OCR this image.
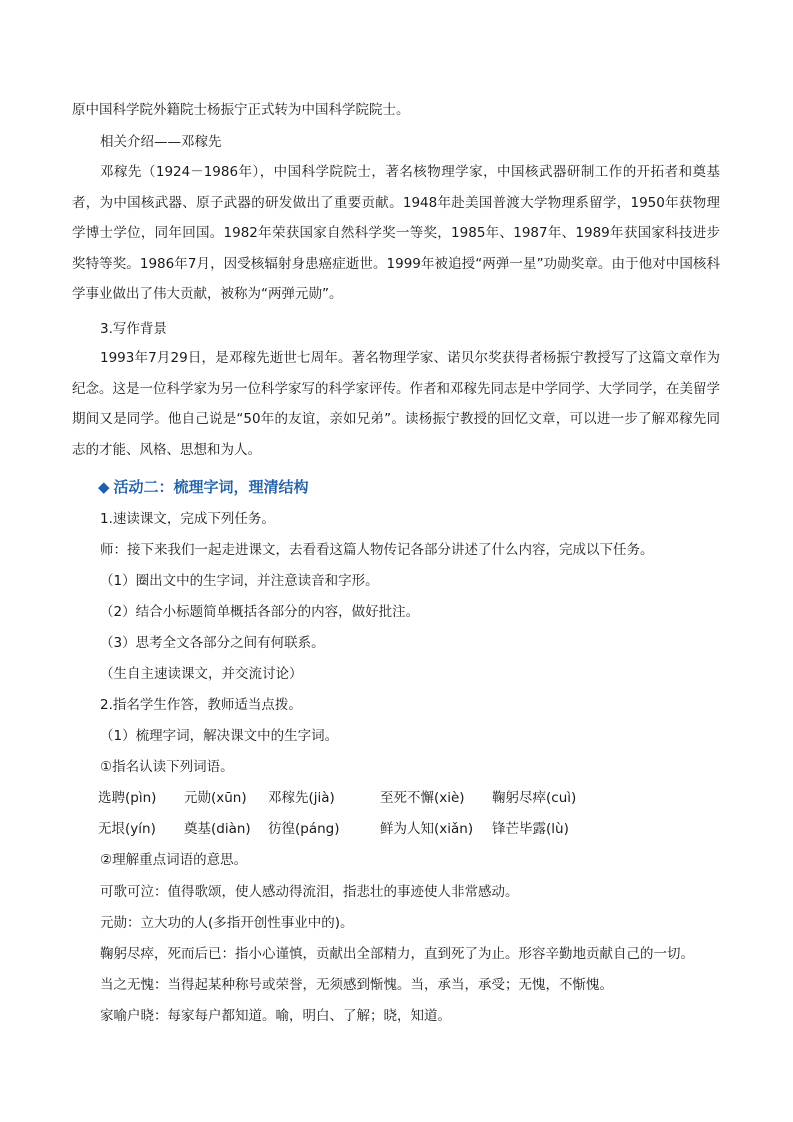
原中国科学院外籍院士杨振宁正式转为中国科学院院士。
相关介绍——邓稼先

邓稼先（1924－1986年），中国科学院院士，著名核物理学家，中国核武器研制工作的开拓者和奠基者，为中国核武器、原子武器的研发做出了重要贡献。1948年赴美国普渡大学物理系留学，1950年获物理学博士学位，同年回国。1982年荣获国家自然科学奖一等奖，1985年、1987年、1989年获国家科技进步奖特等奖。1986年7月，因受核辐射身患癌症逝世。1999年被追授“两弹一星”功勋奖章。由于他对中国核科学事业做出了伟大贡献，被称为“两弹元勋”。

3.写作背景

1993年7月29日，是邓稼先逝世七周年。著名物理学家、诺贝尔奖获得者杨振宁教授写了这篇文章作为纪念。这是一位科学家为另一位科学家写的科学家评传。作者和邓稼先同志是中学同学、大学同学，在美留学期间又是同学。他自己说是“50年的友谊，亲如兄弟”。读杨振宁教授的回忆文章，可以进一步了解邓稼先同志的才能、风格、思想和为人。

◆ 活动二：梳理字词，理清结构
1.速读课文，完成下列任务。
师：接下来我们一起走进课文，去看看这篇人物传记各部分讲述了什么内容，完成以下任务。
（1）圈出文中的生字词，并注意读音和字形。
（2）结合小标题简单概括各部分的内容，做好批注。
（3）思考全文各部分之间有何联系。
（生自主速读课文，并交流讨论）
2.指名学生作答，教师适当点拨。
（1）梳理字词，解决课文中的生字词。
①指名认读下列词语。
选聘(pìn) 元勋(xūn) 邓稼先(jià)	至死不懈(xiè) 鞠躬尽瘁(cuì)
无垠(yín) 奠基(diàn) 彷徨(páng)	鲜为人知(xiǎn) 锋芒毕露(lù)
②理解重点词语的意思。
可歌可泣：值得歌颂，使人感动得流泪，指悲壮的事迹使人非常感动。
元勋：立大功的人(多指开创性事业中的)。
鞠躬尽瘁，死而后已：指小心谨慎，贡献出全部精力，直到死了为止。形容辛勤地贡献自己的一切。
当之无愧：当得起某种称号或荣誉，无须感到惭愧。当，承当，承受；无愧，不惭愧。
家喻户晓：每家每户都知道。喻，明白、了解；晓，知道。
